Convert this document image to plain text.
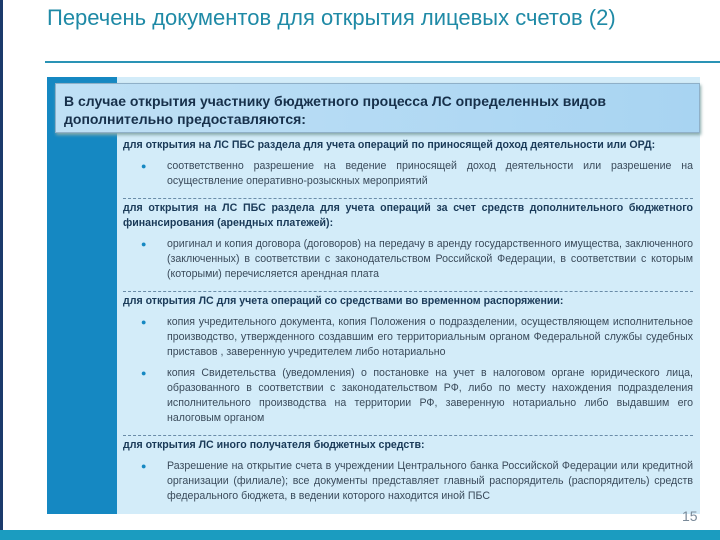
Перечень документов для открытия лицевых счетов (2)
В случае открытия участнику бюджетного процесса ЛС определенных видов дополнительно предоставляются:
для открытия на ЛС ПБС раздела для учета операций по приносящей доход деятельности или ОРД:
●	соответственно разрешение на ведение приносящей доход деятельности или разрешение на осуществление оперативно-розыскных мероприятий

для открытия на ЛС ПБС раздела для учета операций за счет средств дополнительного бюджетного финансирования (арендных платежей):
●	оригинал и копия договора (договоров) на передачу в аренду государственного имущества, заключенного (заключенных) в соответствии с законодательством Российской Федерации, в соответствии с которым (которыми) перечисляется арендная плата

для открытия ЛС для учета операций со средствами во временном распоряжении:
●	копия учредительного документа, копия Положения о подразделении, осуществляющем исполнительное производство, утвержденного создавшим его территориальным органом Федеральной службы судебных приставов , заверенную учредителем либо нотариально

●	копия Свидетельства (уведомления) о постановке на учет в налоговом органе юридического лица, образованного в соответствии с законодательством РФ, либо по месту нахождения подразделения исполнительного производства на территории РФ, заверенную нотариально либо выдавшим его налоговым органом

для открытия ЛС иного получателя бюджетных средств:
●	Разрешение на открытие счета в учреждении Центрального банка Российской Федерации или кредитной организации (филиале); все документы представляет главный распорядитель (распорядитель) средств федерального бюджета, в ведении которого находится иной ПБС

15
